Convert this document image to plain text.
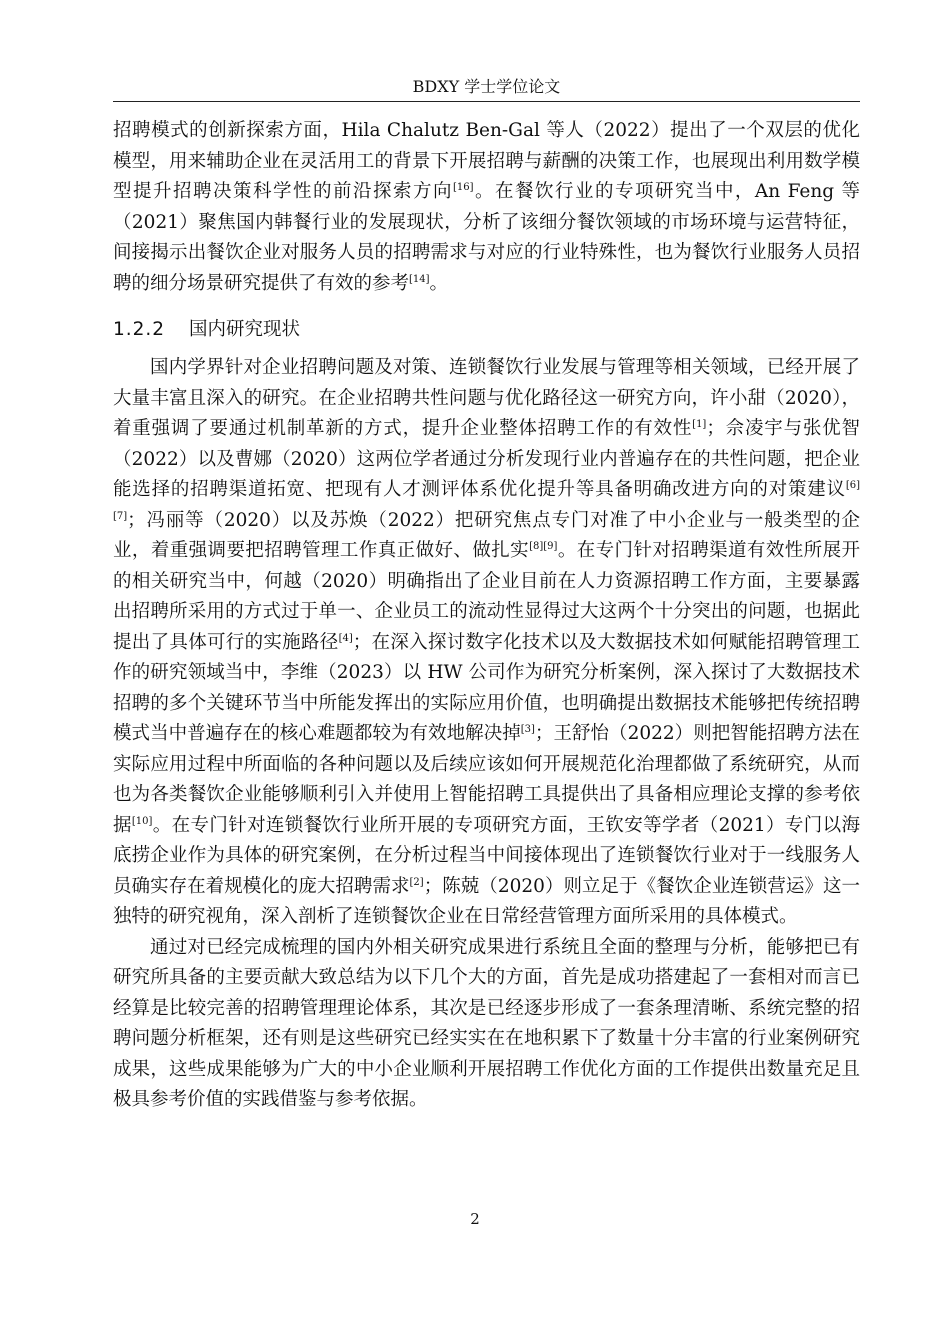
BDXY 学士学位论文

招聘模式的创新探索方面，Hila Chalutz Ben-Gal 等人（2022）提出了一个双层的优化模型，用来辅助企业在灵活用工的背景下开展招聘与薪酬的决策工作，也展现出利用数学模型提升招聘决策科学性的前沿探索方向[16]。在餐饮行业的专项研究当中，An Feng 等（2021）聚焦国内韩餐行业的发展现状，分析了该细分餐饮领域的市场环境与运营特征，间接揭示出餐饮企业对服务人员的招聘需求与对应的行业特殊性，也为餐饮行业服务人员招聘的细分场景研究提供了有效的参考[14]。

1.2.2 国内研究现状

国内学界针对企业招聘问题及对策、连锁餐饮行业发展与管理等相关领域，已经开展了大量丰富且深入的研究。在企业招聘共性问题与优化路径这一研究方向，许小甜（2020），着重强调了要通过机制革新的方式，提升企业整体招聘工作的有效性[1]；佘凌宇与张优智（2022）以及曹娜（2020）这两位学者通过分析发现行业内普遍存在的共性问题，把企业能选择的招聘渠道拓宽、把现有人才测评体系优化提升等具备明确改进方向的对策建议[6][7]；冯丽等（2020）以及苏焕（2022）把研究焦点专门对准了中小企业与一般类型的企业，着重强调要把招聘管理工作真正做好、做扎实[8][9]。在专门针对招聘渠道有效性所展开的相关研究当中，何越（2020）明确指出了企业目前在人力资源招聘工作方面，主要暴露出招聘所采用的方式过于单一、企业员工的流动性显得过大这两个十分突出的问题，也据此提出了具体可行的实施路径[4]；在深入探讨数字化技术以及大数据技术如何赋能招聘管理工作的研究领域当中，李维（2023）以 HW 公司作为研究分析案例，深入探讨了大数据技术招聘的多个关键环节当中所能发挥出的实际应用价值，也明确提出数据技术能够把传统招聘模式当中普遍存在的核心难题都较为有效地解决掉[3]；王舒怡（2022）则把智能招聘方法在实际应用过程中所面临的各种问题以及后续应该如何开展规范化治理都做了系统研究，从而也为各类餐饮企业能够顺利引入并使用上智能招聘工具提供出了具备相应理论支撑的参考依据[10]。在专门针对连锁餐饮行业所开展的专项研究方面，王钦安等学者（2021）专门以海底捞企业作为具体的研究案例，在分析过程当中间接体现出了连锁餐饮行业对于一线服务人员确实存在着规模化的庞大招聘需求[2]；陈兢（2020）则立足于《餐饮企业连锁营运》这一独特的研究视角，深入剖析了连锁餐饮企业在日常经营管理方面所采用的具体模式。

通过对已经完成梳理的国内外相关研究成果进行系统且全面的整理与分析，能够把已有研究所具备的主要贡献大致总结为以下几个大的方面，首先是成功搭建起了一套相对而言已经算是比较完善的招聘管理理论体系，其次是已经逐步形成了一套条理清晰、系统完整的招聘问题分析框架，还有则是这些研究已经实实在在地积累下了数量十分丰富的行业案例研究成果，这些成果能够为广大的中小企业顺利开展招聘工作优化方面的工作提供出数量充足且极具参考价值的实践借鉴与参考依据。

2
